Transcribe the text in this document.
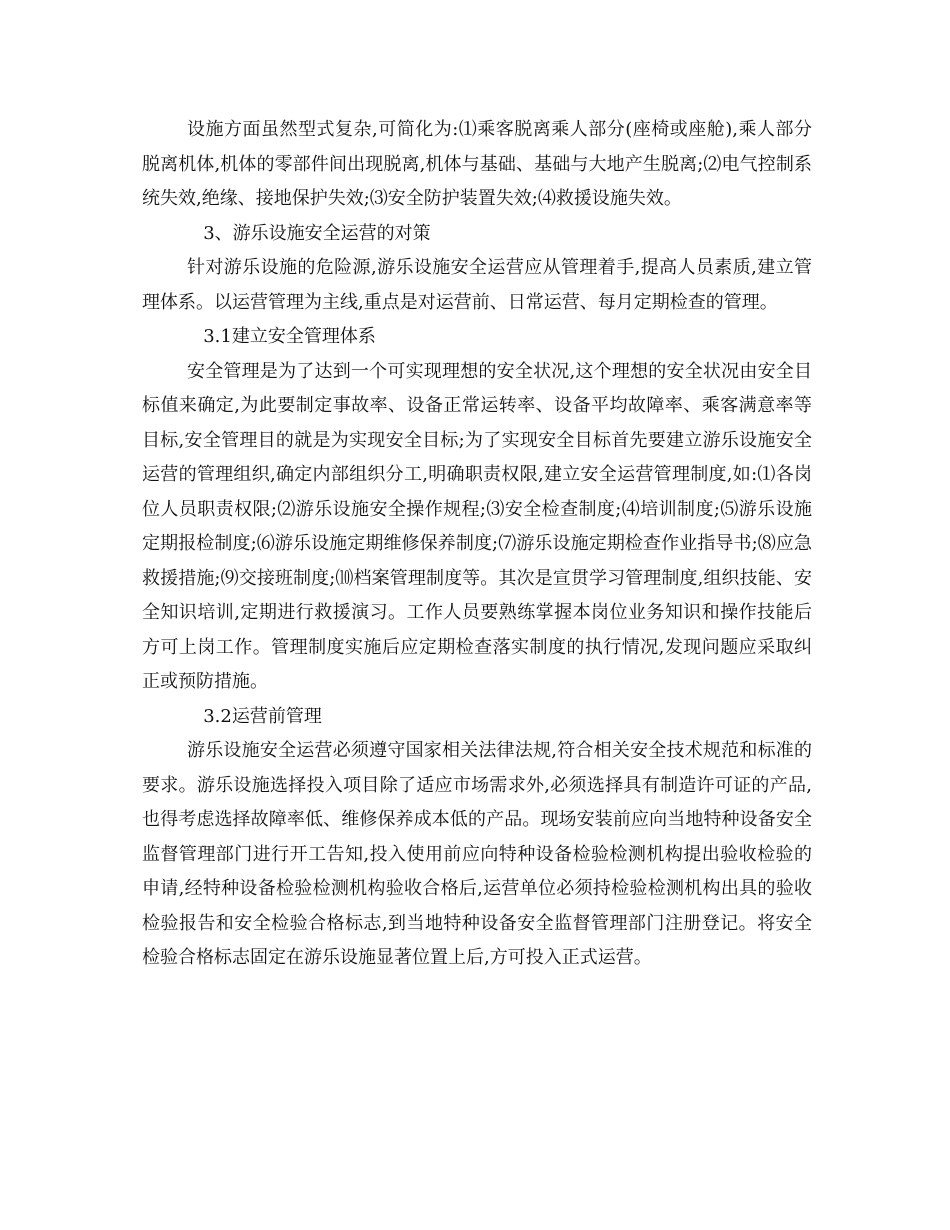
设施方面虽然型式复杂,可简化为:⑴乘客脱离乘人部分(座椅或座舱),乘人部分脱离机体,机体的零部件间出现脱离,机体与基础、基础与大地产生脱离;⑵电气控制系统失效,绝缘、接地保护失效;⑶安全防护装置失效;⑷救援设施失效。

3、游乐设施安全运营的对策

针对游乐设施的危险源,游乐设施安全运营应从管理着手,提高人员素质,建立管理体系。以运营管理为主线,重点是对运营前、日常运营、每月定期检查的管理。

3.1建立安全管理体系

安全管理是为了达到一个可实现理想的安全状况,这个理想的安全状况由安全目标值来确定,为此要制定事故率、设备正常运转率、设备平均故障率、乘客满意率等目标,安全管理目的就是为实现安全目标;为了实现安全目标首先要建立游乐设施安全运营的管理组织,确定内部组织分工,明确职责权限,建立安全运营管理制度,如:⑴各岗位人员职责权限;⑵游乐设施安全操作规程;⑶安全检查制度;⑷培训制度;⑸游乐设施定期报检制度;⑹游乐设施定期维修保养制度;⑺游乐设施定期检查作业指导书;⑻应急救援措施;⑼交接班制度;⑽档案管理制度等。其次是宣贯学习管理制度,组织技能、安全知识培训,定期进行救援演习。工作人员要熟练掌握本岗位业务知识和操作技能后方可上岗工作。管理制度实施后应定期检查落实制度的执行情况,发现问题应采取纠正或预防措施。

3.2运营前管理

游乐设施安全运营必须遵守国家相关法律法规,符合相关安全技术规范和标准的要求。游乐设施选择投入项目除了适应市场需求外,必须选择具有制造许可证的产品,也得考虑选择故障率低、维修保养成本低的产品。现场安装前应向当地特种设备安全监督管理部门进行开工告知,投入使用前应向特种设备检验检测机构提出验收检验的申请,经特种设备检验检测机构验收合格后,运营单位必须持检验检测机构出具的验收检验报告和安全检验合格标志,到当地特种设备安全监督管理部门注册登记。将安全检验合格标志固定在游乐设施显著位置上后,方可投入正式运营。
